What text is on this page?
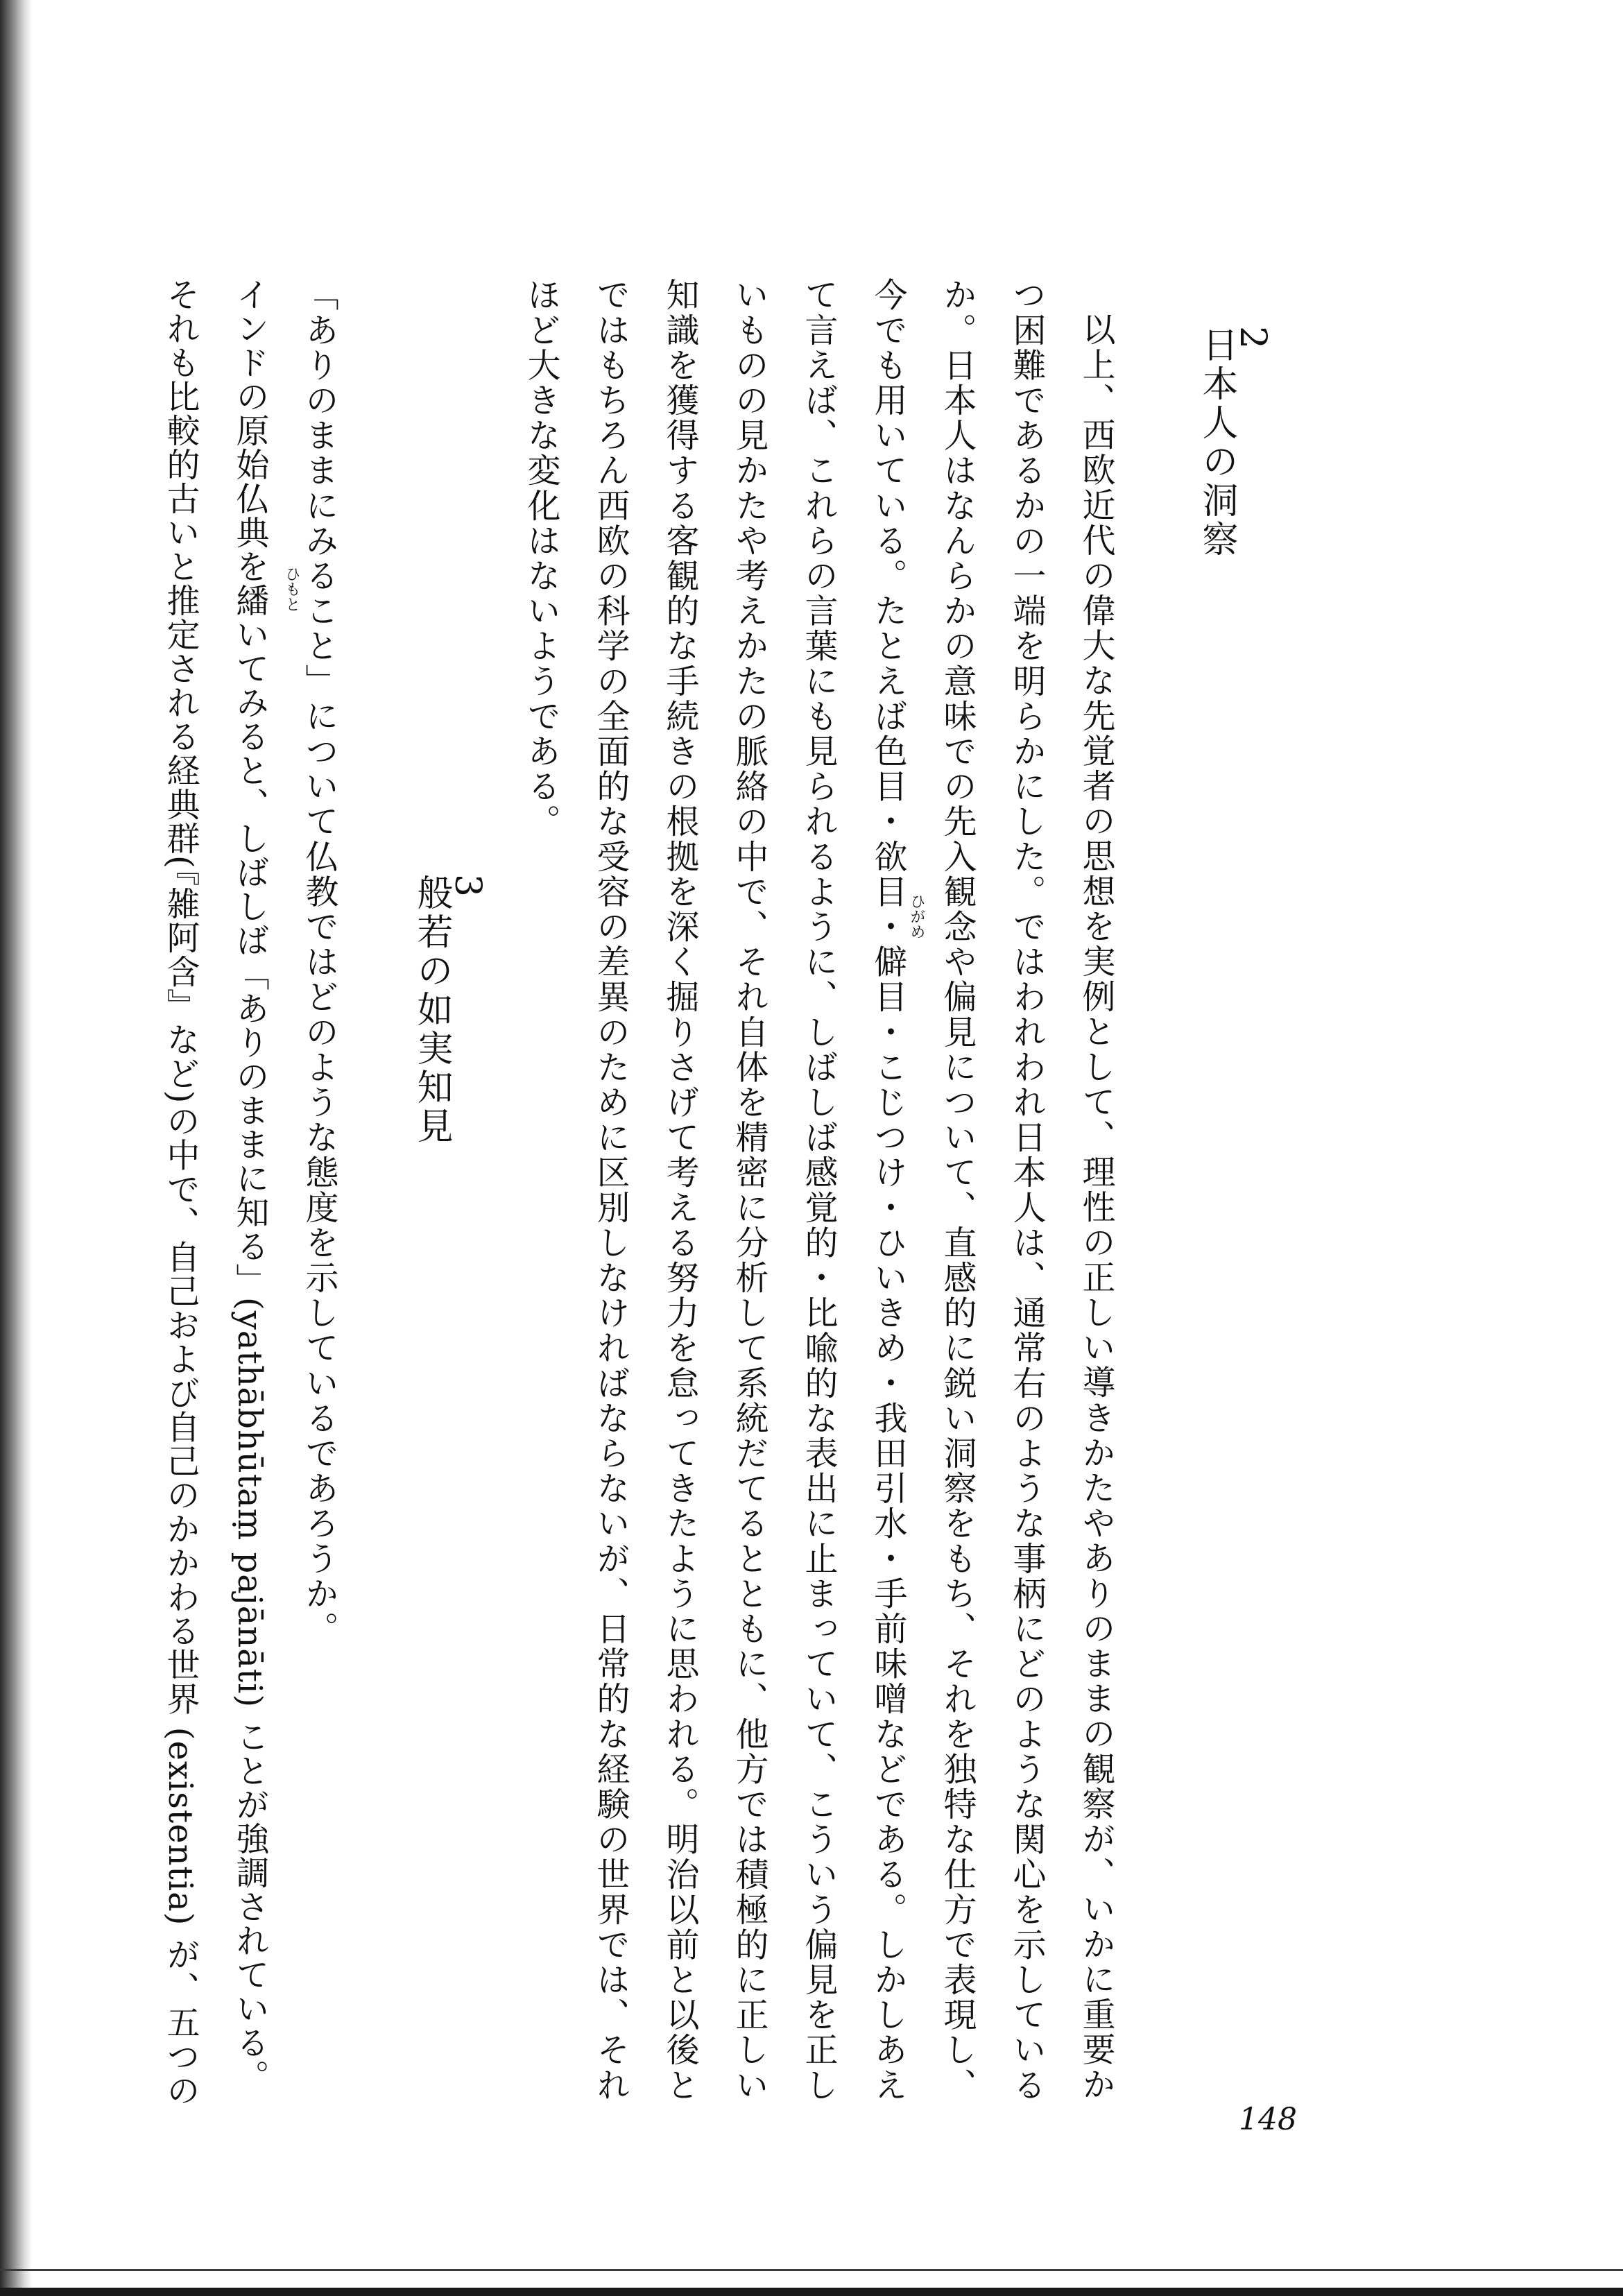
2
日本人の洞察
以上、西欧近代の偉大な先覚者の思想を実例として、理性の正しい導きかたやありのままの観察が、いかに重要か
つ困難であるかの一端を明らかにした。ではわれわれ日本人は、通常右のような事柄にどのような関心を示している
か。日本人はなんらかの意味での先入観念や偏見について、直感的に鋭い洞察をもち、それを独特な仕方で表現し、
今でも用いている。たとえば色目・欲目・僻目・こじつけ・ひいきめ・我田引水・手前味噌などである。しかしあえ
て言えば、これらの言葉にも見られるように、しばしば感覚的・比喩的な表出に止まっていて、こういう偏見を正し
いものの見かたや考えかたの脈絡の中で、それ自体を精密に分析して系統だてるとともに、他方では積極的に正しい
知識を獲得する客観的な手続きの根拠を深く掘りさげて考える努力を怠ってきたように思われる。明治以前と以後と
ではもちろん西欧の科学の全面的な受容の差異のために区別しなければならないが、日常的な経験の世界では、それ
ほど大きな変化はないようである。
ひがめ
ひもと
3
般若の如実知見
「ありのままにみること」について仏教ではどのような態度を示しているであろうか。
インドの原始仏典を繙いてみると、しばしば「ありのままに知る」(yathābhūtaṃ pajānāti) ことが強調されている。
それも比較的古いと推定される経典群(『雑阿含』など)の中で、自己および自己のかかわる世界 (existentia) が、五つの
148
